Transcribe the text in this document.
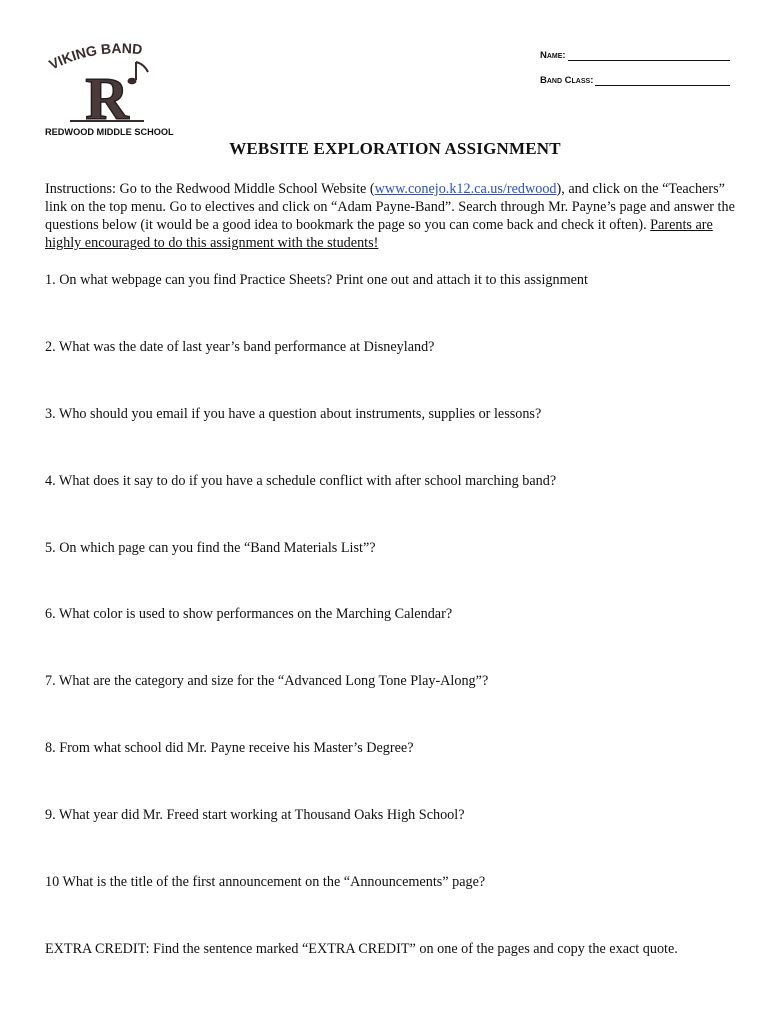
VIKING BAND
R
REDWOOD MIDDLE SCHOOL
Name:
Band Class:
WEBSITE EXPLORATION ASSIGNMENT
Instructions: Go to the Redwood Middle School Website (www.conejo.k12.ca.us/redwood), and click on the “Teachers” link on the top menu. Go to electives and click on “Adam Payne-Band”. Search through Mr. Payne’s page and answer the questions below (it would be a good idea to bookmark the page so you can come back and check it often). Parents are highly encouraged to do this assignment with the students!
1. On what webpage can you find Practice Sheets? Print one out and attach it to this assignment
2. What was the date of last year’s band performance at Disneyland?
3. Who should you email if you have a question about instruments, supplies or lessons?
4. What does it say to do if you have a schedule conflict with after school marching band?
5. On which page can you find the “Band Materials List”?
6. What color is used to show performances on the Marching Calendar?
7. What are the category and size for the “Advanced Long Tone Play-Along”?
8. From what school did Mr. Payne receive his Master’s Degree?
9. What year did Mr. Freed start working at Thousand Oaks High School?
10 What is the title of the first announcement on the “Announcements” page?
EXTRA CREDIT: Find the sentence marked “EXTRA CREDIT” on one of the pages and copy the exact quote.
